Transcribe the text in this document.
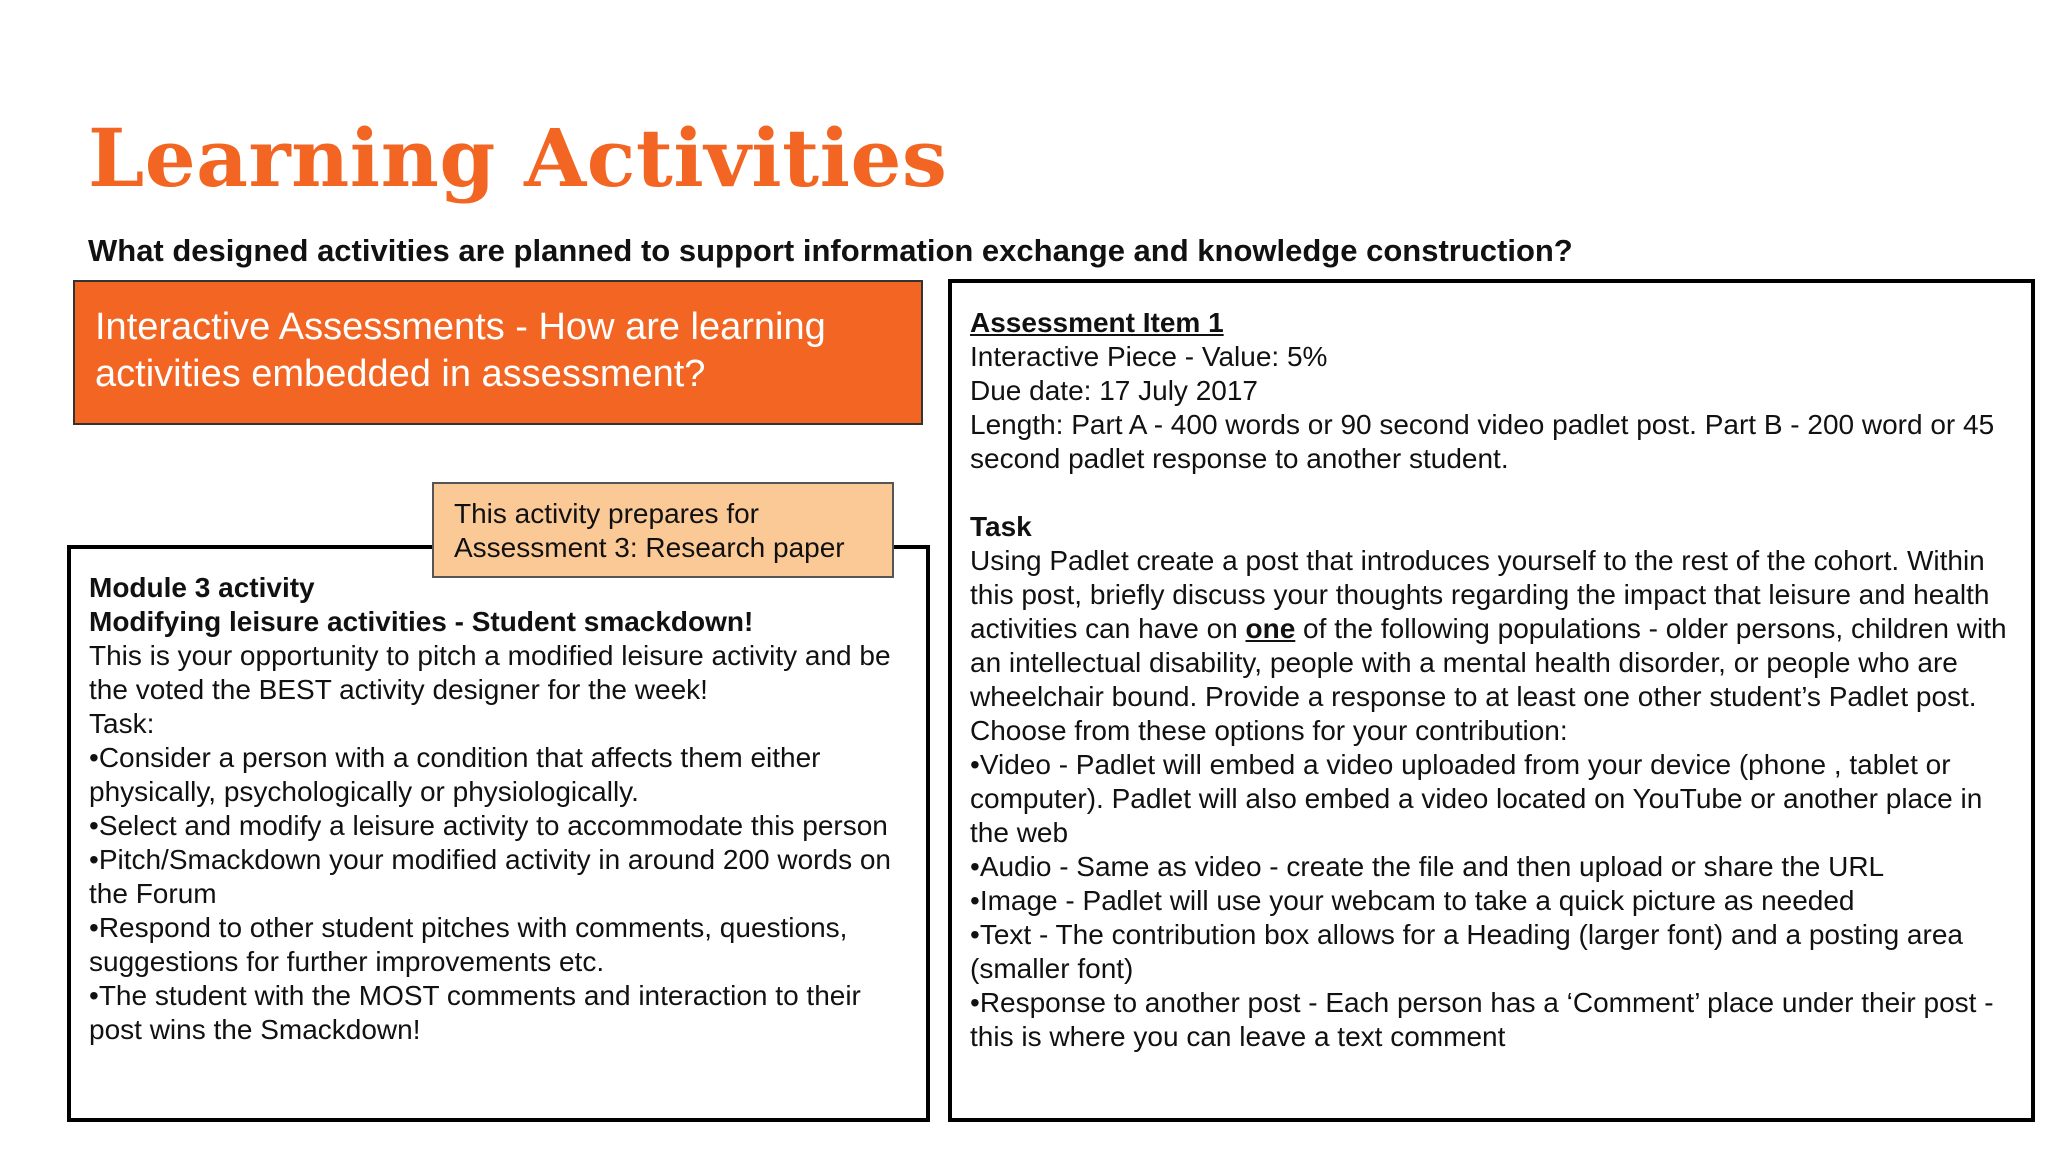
Learning Activities
What designed activities are planned to support information exchange and knowledge construction?
Interactive Assessments - How are learning activities embedded in assessment?
Module 3 activity
Modifying leisure activities - Student smackdown!
This is your opportunity to pitch a modified leisure activity and be the voted the BEST activity designer for the week!
Task:
•Consider a person with a condition that affects them either physically, psychologically or physiologically.
•Select and modify a leisure activity to accommodate this person
•Pitch/Smackdown your modified activity in around 200 words on the Forum
•Respond to other student pitches with comments, questions, suggestions for further improvements etc.
•The student with the MOST comments and interaction to their post wins the Smackdown!
This activity prepares for Assessment 3: Research paper
Assessment Item 1
Interactive Piece - Value: 5%
Due date: 17 July 2017
Length: Part A - 400 words or 90 second video padlet post. Part B - 200 word or 45 second padlet response to another student.
Task
Using Padlet create a post that introduces yourself to the rest of the cohort. Within this post, briefly discuss your thoughts regarding the impact that leisure and health activities can have on one of the following populations - older persons, children with an intellectual disability, people with a mental health disorder, or people who are wheelchair bound. Provide a response to at least one other student’s Padlet post.
Choose from these options for your contribution:
•Video - Padlet will embed a video uploaded from your device (phone , tablet or computer). Padlet will also embed a video located on YouTube or another place in the web
•Audio - Same as video - create the file and then upload or share the URL
•Image - Padlet will use your webcam to take a quick picture as needed
•Text - The contribution box allows for a Heading (larger font) and a posting area (smaller font)
•Response to another post - Each person has a ‘Comment’ place under their post - this is where you can leave a text comment
